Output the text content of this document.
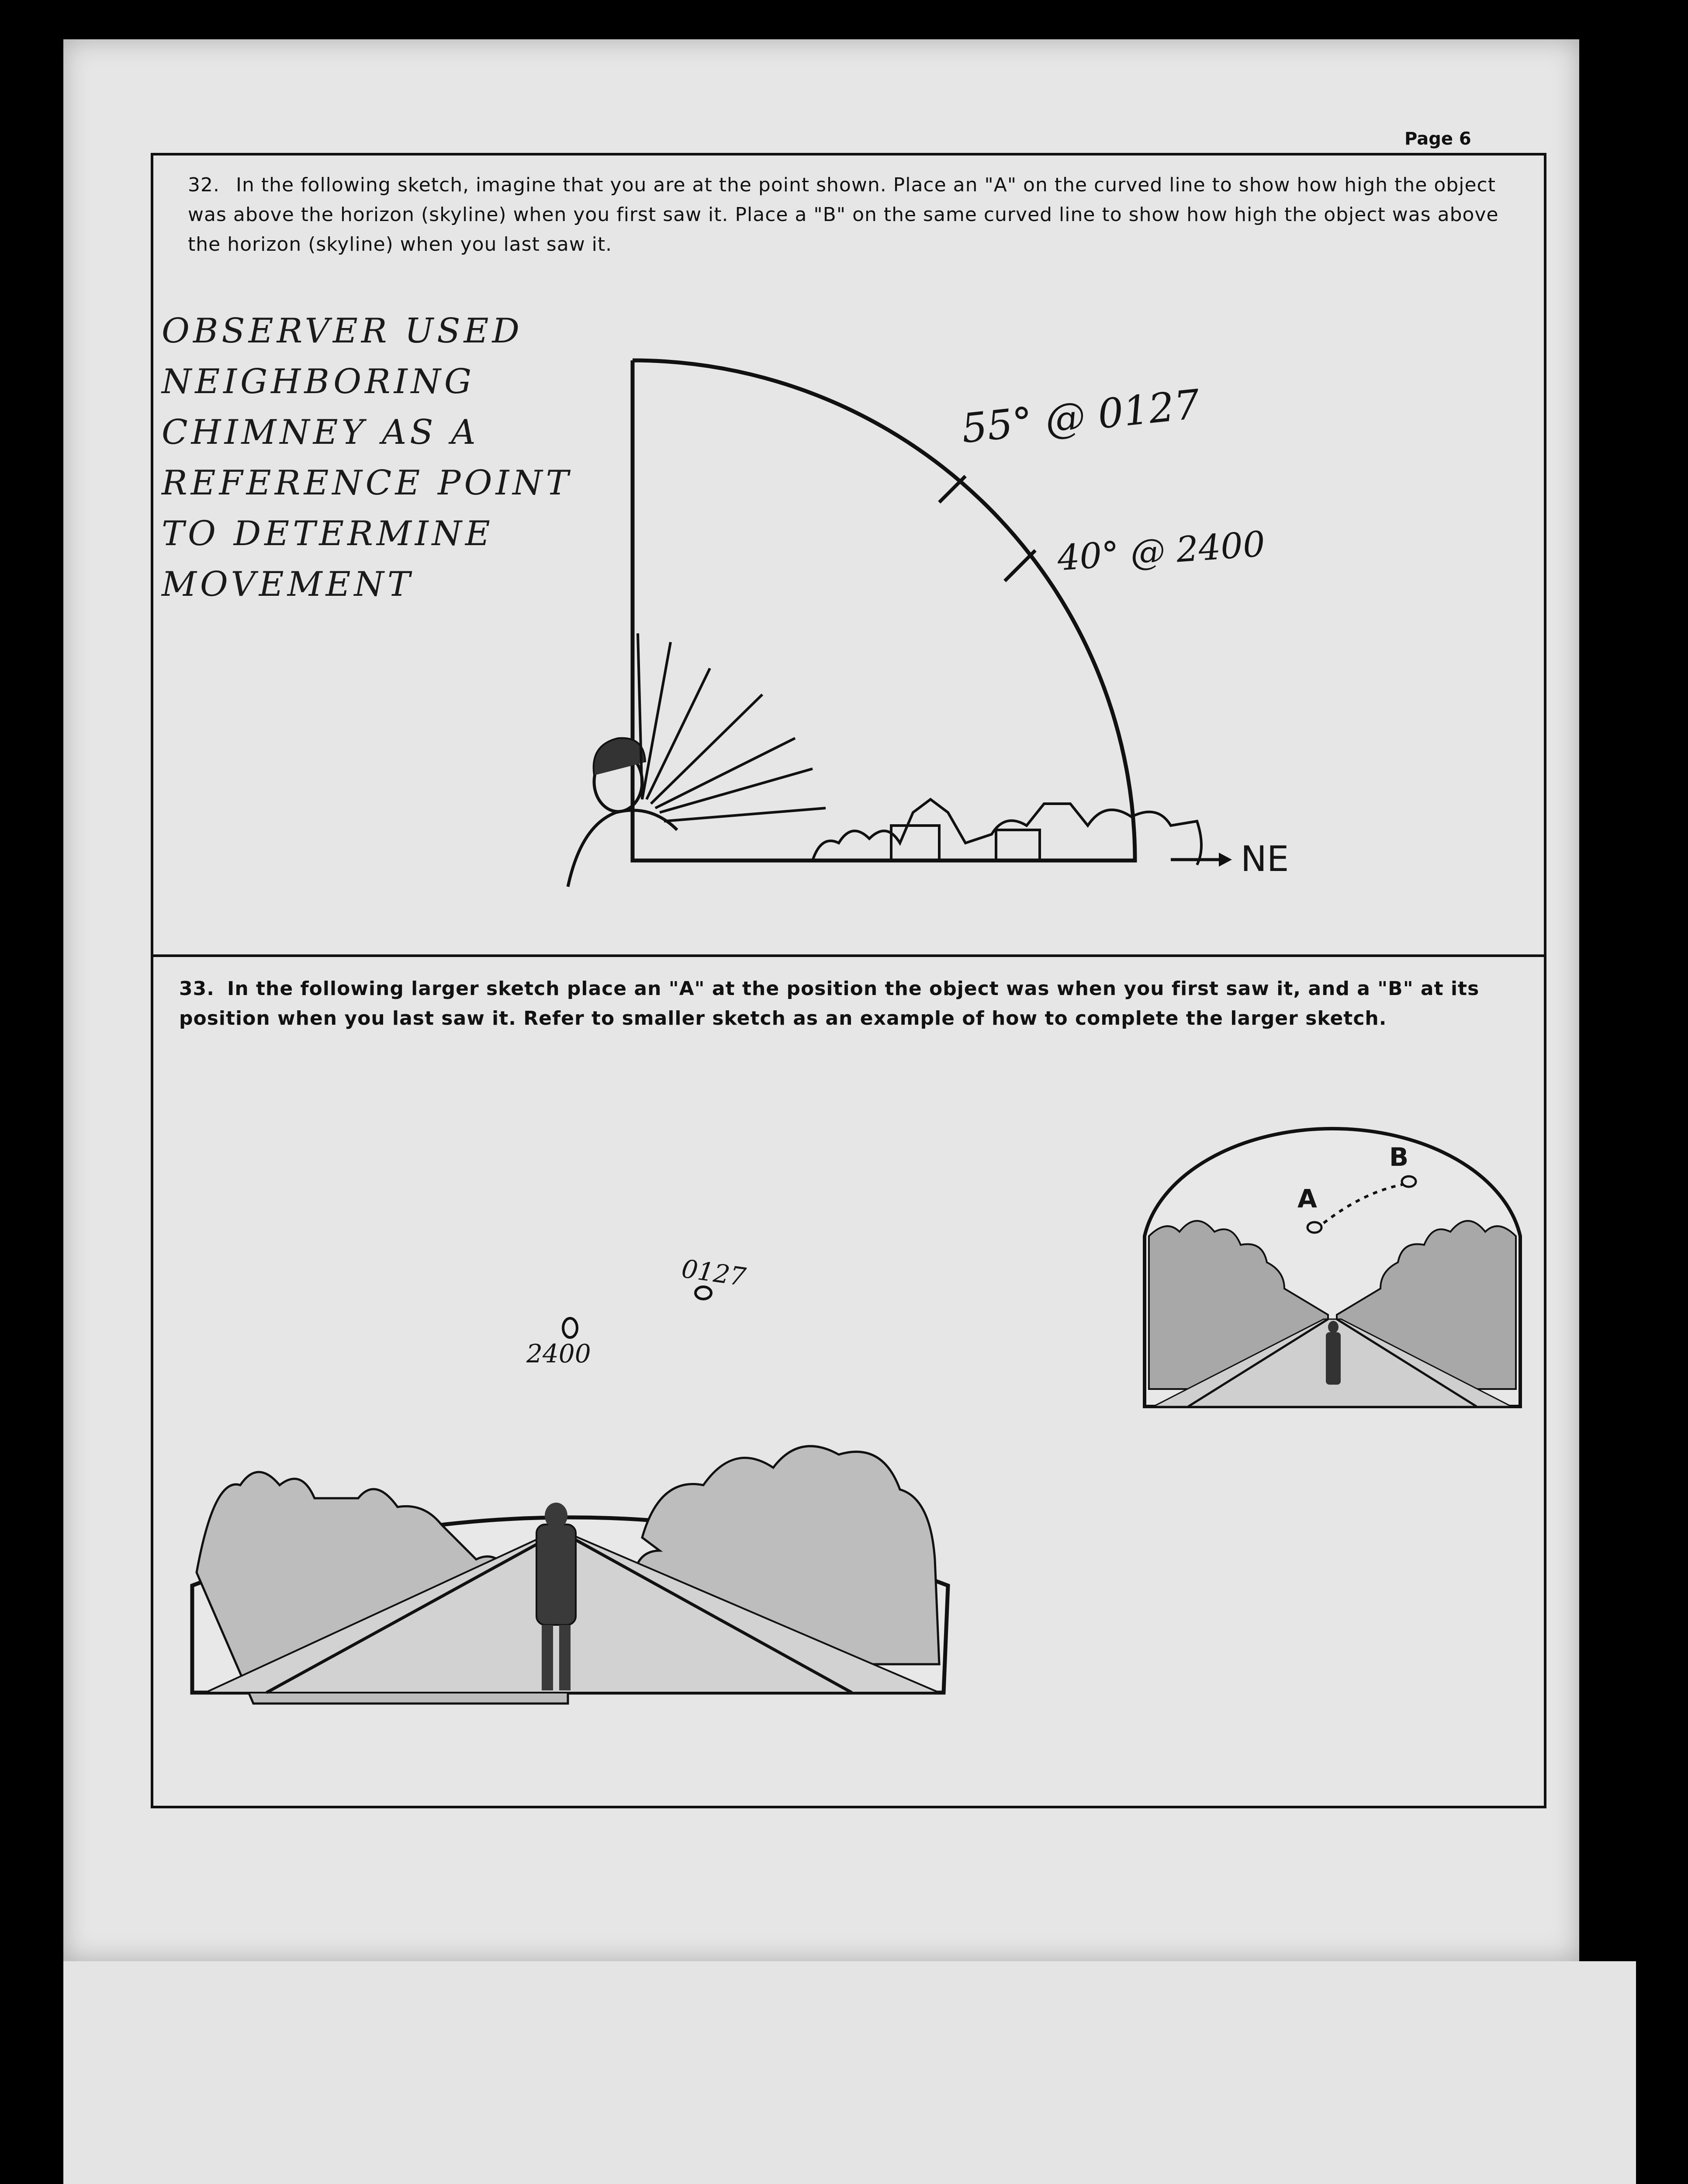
Page 6
32. In the following sketch, imagine that you are at the point shown. Place an "A" on the curved line to show how high the object was above the horizon (skyline) when you first saw it. Place a "B" on the same curved line to show how high the object was above the horizon (skyline) when you last saw it.
OBSERVER USED
NEIGHBORING
CHIMNEY AS A
REFERENCE POINT
TO DETERMINE
MOVEMENT
55° @ 0127
40° @ 2400
NE
33. In the following larger sketch place an "A" at the position the object was when you first saw it, and a "B" at its position when you last saw it. Refer to smaller sketch as an example of how to complete the larger sketch.
0127
2400
A
B
